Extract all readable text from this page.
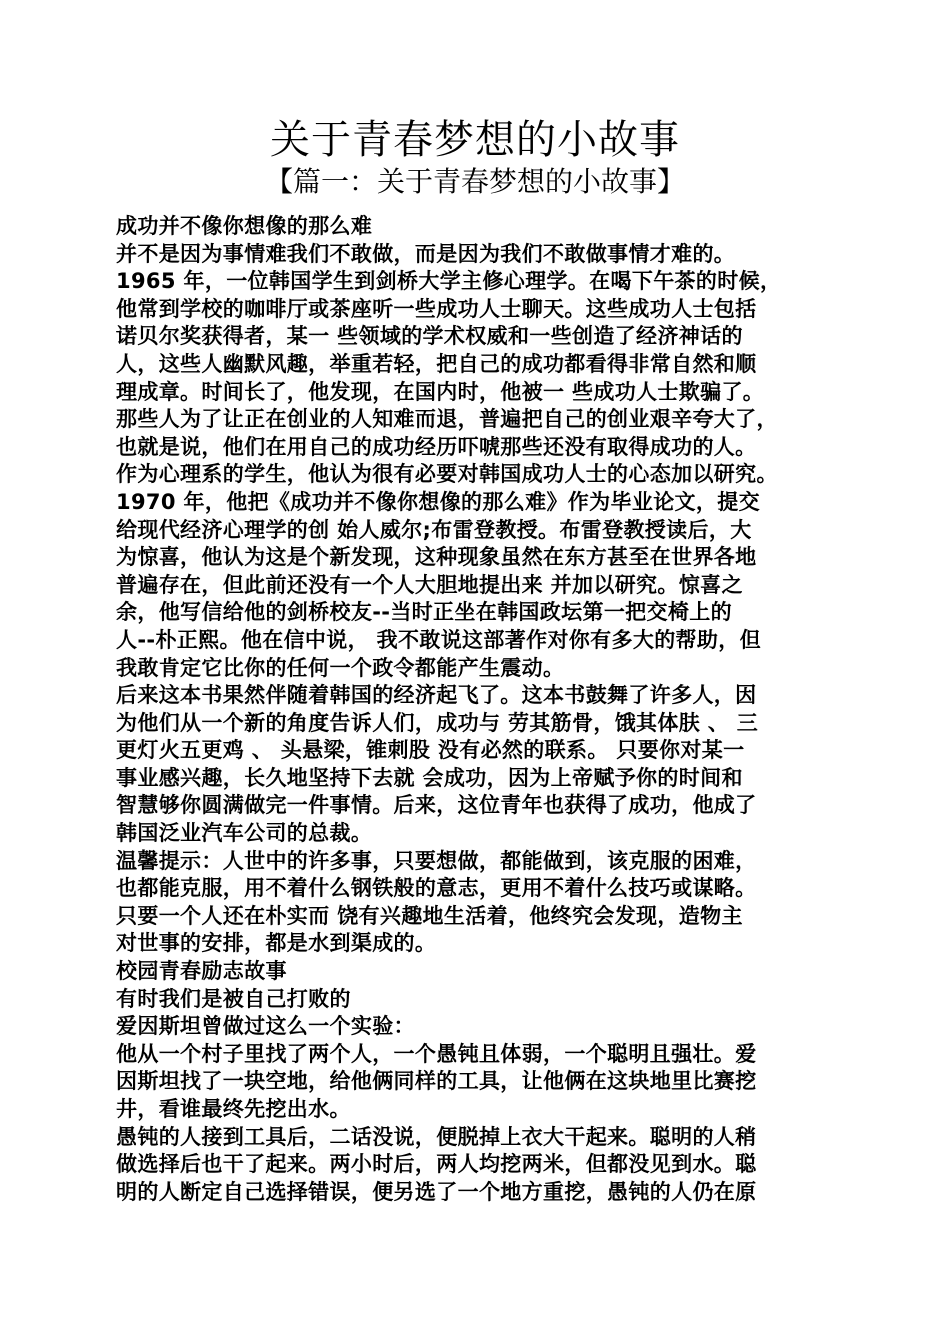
关于青春梦想的小故事
【篇一：关于青春梦想的小故事】
成功并不像你想像的那么难
并不是因为事情难我们不敢做，而是因为我们不敢做事情才难的。
1965 年，一位韩国学生到剑桥大学主修心理学。在喝下午茶的时候，
他常到学校的咖啡厅或茶座听一些成功人士聊天。这些成功人士包括
诺贝尔奖获得者，某一 些领域的学术权威和一些创造了经济神话的
人，这些人幽默风趣，举重若轻，把自己的成功都看得非常自然和顺
理成章。时间长了，他发现，在国内时，他被一 些成功人士欺骗了。
那些人为了让正在创业的人知难而退，普遍把自己的创业艰辛夸大了，
也就是说，他们在用自己的成功经历吓唬那些还没有取得成功的人。
作为心理系的学生，他认为很有必要对韩国成功人士的心态加以研究。
1970 年，他把《成功并不像你想像的那么难》作为毕业论文，提交
给现代经济心理学的创 始人威尔;布雷登教授。布雷登教授读后，大
为惊喜，他认为这是个新发现，这种现象虽然在东方甚至在世界各地
普遍存在，但此前还没有一个人大胆地提出来 并加以研究。惊喜之
余，他写信给他的剑桥校友--当时正坐在韩国政坛第一把交椅上的
人--朴正熙。他在信中说， 我不敢说这部著作对你有多大的帮助，但
我敢肯定它比你的任何一个政令都能产生震动。
后来这本书果然伴随着韩国的经济起飞了。这本书鼓舞了许多人，因
为他们从一个新的角度告诉人们，成功与 劳其筋骨，饿其体肤 、 三
更灯火五更鸡 、 头悬梁，锥刺股 没有必然的联系。 只要你对某一
事业感兴趣，长久地坚持下去就 会成功，因为上帝赋予你的时间和
智慧够你圆满做完一件事情。后来，这位青年也获得了成功，他成了
韩国泛业汽车公司的总裁。
温馨提示：人世中的许多事，只要想做，都能做到，该克服的困难，
也都能克服，用不着什么钢铁般的意志，更用不着什么技巧或谋略。
只要一个人还在朴实而 饶有兴趣地生活着，他终究会发现，造物主
对世事的安排，都是水到渠成的。
校园青春励志故事
有时我们是被自己打败的
爱因斯坦曾做过这么一个实验：
他从一个村子里找了两个人，一个愚钝且体弱，一个聪明且强壮。爱
因斯坦找了一块空地，给他俩同样的工具，让他俩在这块地里比赛挖
井，看谁最终先挖出水。
愚钝的人接到工具后，二话没说，便脱掉上衣大干起来。聪明的人稍
做选择后也干了起来。两小时后，两人均挖两米，但都没见到水。聪
明的人断定自己选择错误，便另选了一个地方重挖，愚钝的人仍在原
